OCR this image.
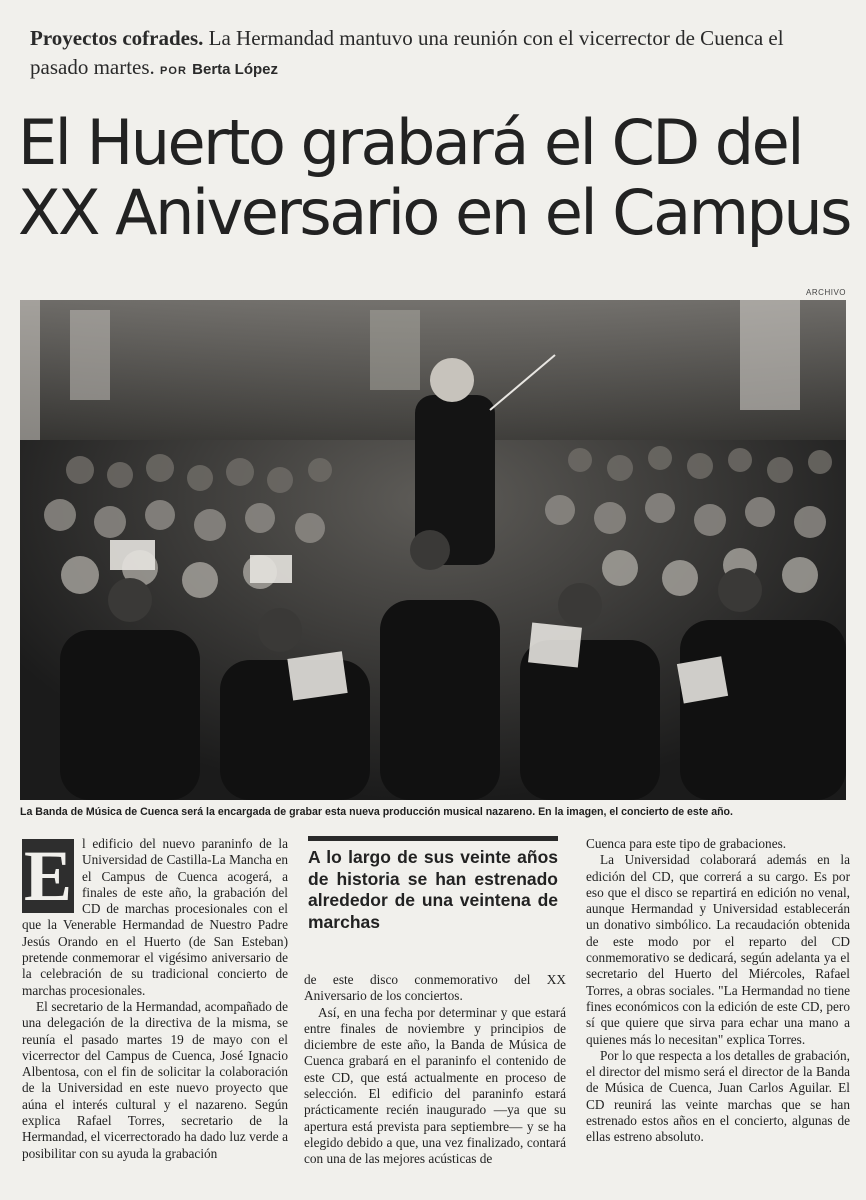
Proyectos cofrades. La Hermandad mantuvo una reunión con el vicerrector de Cuenca el pasado martes. POR Berta López
El Huerto grabará el CD del
XX Aniversario en el Campus
ARCHIVO
La Banda de Música de Cuenca será la encargada de grabar esta nueva producción musical nazareno. En la imagen, el concierto de este año.

E l edificio del nuevo paraninfo de la Universidad de Castilla-La Mancha en el Campus de Cuenca acogerá, a finales de este año, la grabación del CD de marchas procesionales con el que la Venerable Hermandad de Nuestro Padre Jesús Orando en el Huerto (de San Esteban) pretende conmemorar el vigésimo aniversario de la celebración de su tradicional concierto de marchas procesionales.

El secretario de la Hermandad, acompañado de una delegación de la directiva de la misma, se reunía el pasado martes 19 de mayo con el vicerrector del Campus de Cuenca, José Ignacio Albentosa, con el fin de solicitar la colaboración de la Universidad en este nuevo proyecto que aúna el interés cultural y el nazareno. Según explica Rafael Torres, secretario de la Hermandad, el vicerrectorado ha dado luz verde a posibilitar con su ayuda la grabación

A lo largo de sus veinte años de historia se han estrenado alrededor de una veintena de marchas

de este disco conmemorativo del XX Aniversario de los conciertos.

Así, en una fecha por determinar y que estará entre finales de noviembre y principios de diciembre de este año, la Banda de Música de Cuenca grabará en el paraninfo el contenido de este CD, que está actualmente en proceso de selección. El edificio del paraninfo estará prácticamente recién inaugurado —ya que su apertura está prevista para septiembre— y se ha elegido debido a que, una vez finalizado, contará con una de las mejores acústicas de

Cuenca para este tipo de grabaciones.

La Universidad colaborará además en la edición del CD, que correrá a su cargo. Es por eso que el disco se repartirá en edición no venal, aunque Hermandad y Universidad establecerán un donativo simbólico. La recaudación obtenida de este modo por el reparto del CD conmemorativo se dedicará, según adelanta ya el secretario del Huerto del Miércoles, Rafael Torres, a obras sociales. "La Hermandad no tiene fines económicos con la edición de este CD, pero sí que quiere que sirva para echar una mano a quienes más lo necesitan" explica Torres.

Por lo que respecta a los detalles de grabación, el director del mismo será el director de la Banda de Música de Cuenca, Juan Carlos Aguilar. El CD reunirá las veinte marchas que se han estrenado estos años en el concierto, algunas de ellas estreno absoluto.
